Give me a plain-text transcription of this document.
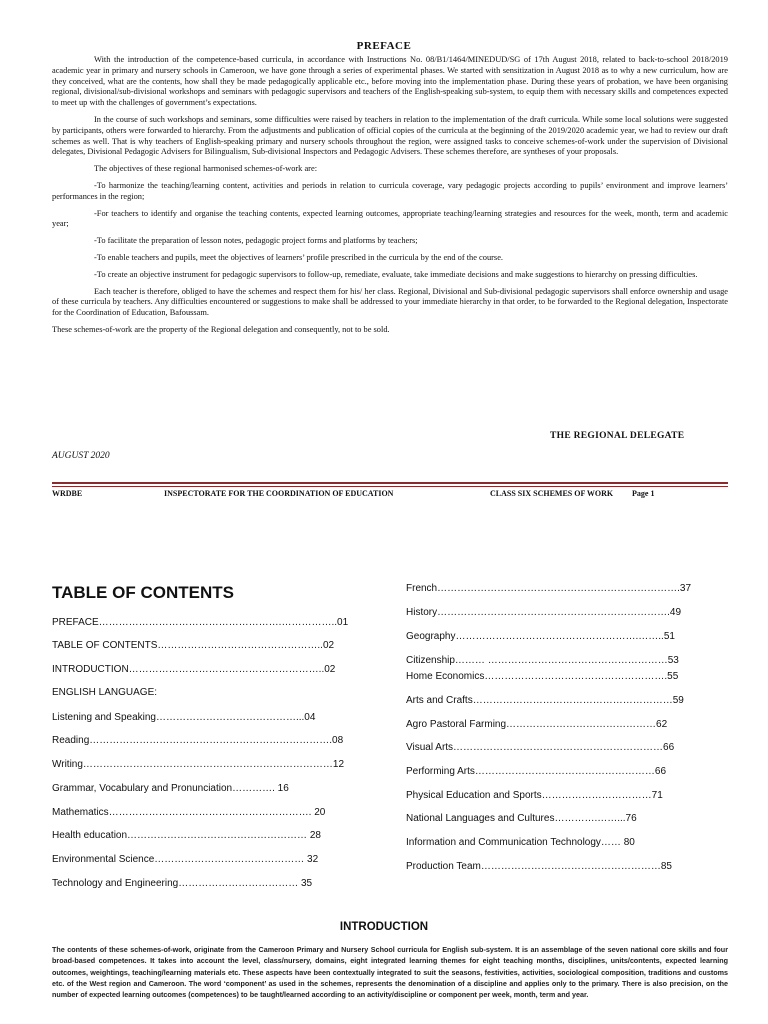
PREFACE

With the introduction of the competence-based curricula, in accordance with Instructions No. 08/B1/1464/MINEDUD/SG of 17th August 2018, related to back-to-school 2018/2019 academic year in primary and nursery schools in Cameroon, we have gone through a series of experimental phases. We started with sensitization in August 2018 as to why a new curriculum, how are they conceived, what are the contents, how shall they be made pedagogically applicable etc., before moving into the implementation phase. During these years of probation, we have been organising regional, divisional/sub-divisional workshops and seminars with pedagogic supervisors and teachers of the English-speaking sub-system, to equip them with necessary skills and competences expected to meet up with the challenges of government’s expectations.

In the course of such workshops and seminars, some difficulties were raised by teachers in relation to the implementation of the draft curricula. While some local solutions were suggested by participants, others were forwarded to hierarchy. From the adjustments and publication of official copies of the curricula at the beginning of the 2019/2020 academic year, we had to review our draft schemes as well. That is why teachers of English-speaking primary and nursery schools throughout the region, were assigned tasks to conceive schemes-of-work under the supervision of Divisional delegates, Divisional Pedagogic Advisers for Bilingualism, Sub-divisional Inspectors and Pedagogic Advisers. These schemes therefore, are syntheses of your proposals.

The objectives of these regional harmonised schemes-of-work are:

-To harmonize the teaching/learning content, activities and periods in relation to curricula coverage, vary pedagogic projects according to pupils’ environment and improve learners’ performances in the region;

-For teachers to identify and organise the teaching contents, expected learning outcomes, appropriate teaching/learning strategies and resources for the week, month, term and academic year;

-To facilitate the preparation of lesson notes, pedagogic project forms and platforms by teachers;

-To enable teachers and pupils, meet the objectives of learners’ profile prescribed in the curricula by the end of the course.

-To create an objective instrument for pedagogic supervisors to follow-up, remediate, evaluate, take immediate decisions and make suggestions to hierarchy on pressing difficulties.

Each teacher is therefore, obliged to have the schemes and respect them for his/ her class. Regional, Divisional and Sub-divisional pedagogic supervisors shall enforce ownership and usage of these curricula by teachers. Any difficulties encountered or suggestions to make shall be addressed to your immediate hierarchy in that order, to be forwarded to the Regional delegation, Inspectorate for the Coordination of Education, Bafoussam.

These schemes-of-work are the property of the Regional delegation and consequently, not to be sold.

THE REGIONAL DELEGATE
AUGUST 2020
WRDBE	INSPECTORATE FOR THE COORDINATION OF EDUCATION	CLASS SIX SCHEMES OF WORK Page 1
TABLE OF CONTENTS
PREFACE……………………………………………….……………..01
TABLE OF CONTENTS…………………………………………..02
INTRODUCTION…………………………………………………..02
ENGLISH LANGUAGE:
Listening and Speaking……………………………………...04
Reading……………………………………………………………….08
Writing…………………………………………………………………12
Grammar, Vocabulary and Pronunciation…………. 16
Mathematics……………………………………………………. 20
Health education……………………………………………… 28
Environmental Science……………………………………… 32
Technology and Engineering……………………………… 35
French……………………………………………………………….37
History…………………………………………………………….49
Geography……………………………………………….……..51
Citizenship……… ………………………………………………53
Home Economics……………………………………………….55
Arts and Crafts……………………………………………………59
Agro Pastoral Farming………………………………………62
Visual Arts………………………………………………………66
Performing Arts………………………………………………66
Physical Education and Sports……………………………71
National Languages and Cultures………….……...76
Information and Communication Technology…… 80
Production Team………………………………………………85
INTRODUCTION
The contents of these schemes-of-work, originate from the Cameroon Primary and Nursery School curricula for English sub-system. It is an assemblage of the seven national core skills and four broad-based competences. It takes into account the level, class/nursery, domains, eight integrated learning themes for eight teaching months, disciplines, units/contents, expected learning outcomes, weightings, teaching/learning materials etc. These aspects have been contextually integrated to suit the seasons, festivities, activities, sociological composition, traditions and customs etc. of the West region and Cameroon. The word ‘component’ as used in the schemes, represents the denomination of a discipline and applies only to the primary. There is also precision, on the number of expected learning outcomes (competences) to be taught/learned according to an activity/discipline or component per week, month, term and year.
